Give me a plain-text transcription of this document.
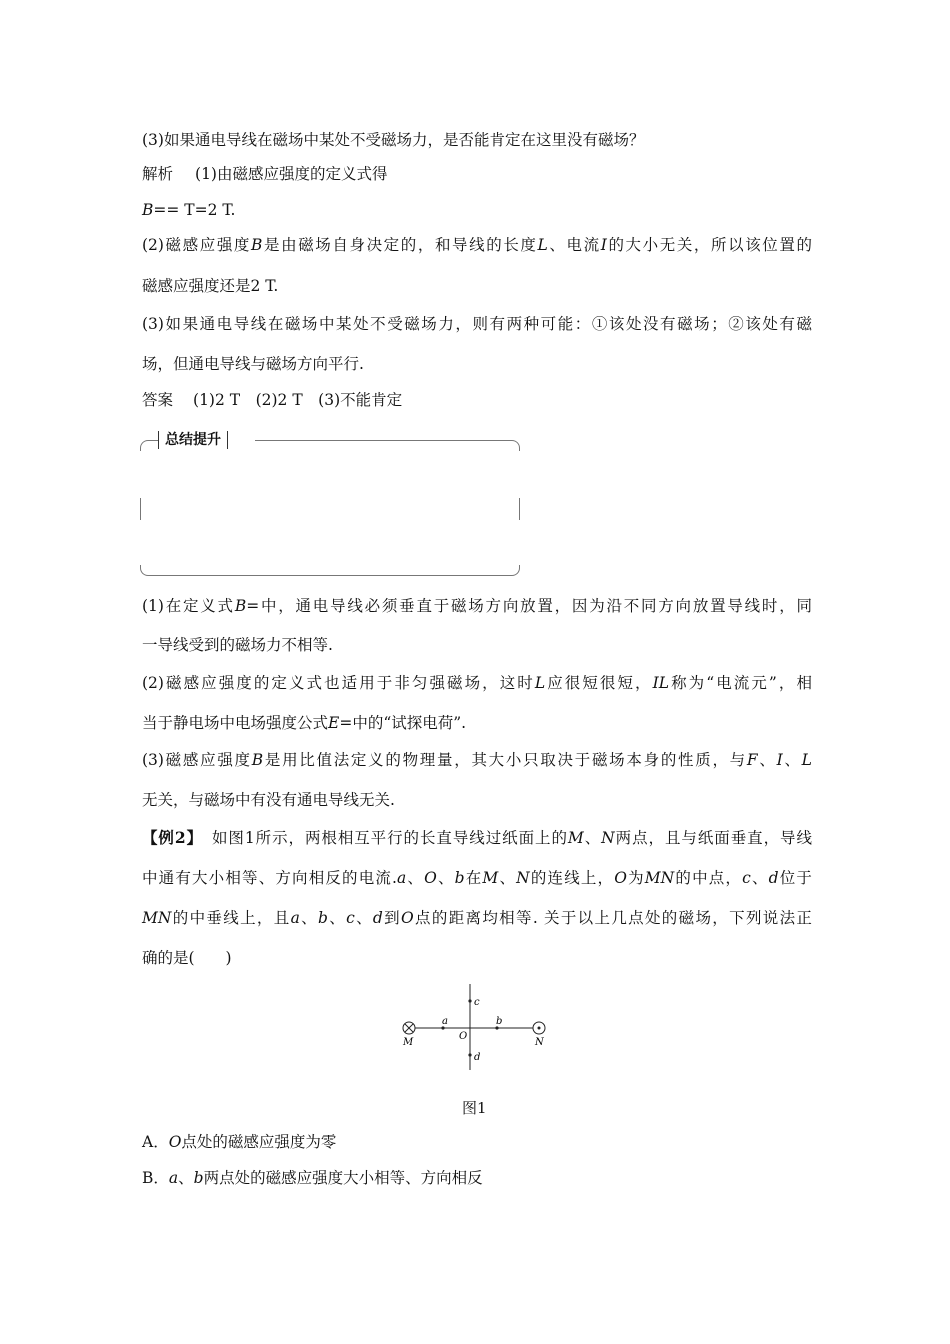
(3)如果通电导线在磁场中某处不受磁场力，是否能肯定在这里没有磁场？
解析 (1)由磁感应强度的定义式得
B== T=2 T.
(2)磁感应强度B是由磁场自身决定的，和导线的长度L、电流I的大小无关，所以该位置的
磁感应强度还是2 T.
(3)如果通电导线在磁场中某处不受磁场力，则有两种可能：①该处没有磁场；②该处有磁
场，但通电导线与磁场方向平行.
答案 (1)2 T　(2)2 T　(3)不能肯定
总结提升
(1)在定义式B=中，通电导线必须垂直于磁场方向放置，因为沿不同方向放置导线时，同
一导线受到的磁场力不相等.
(2)磁感应强度的定义式也适用于非匀强磁场，这时L应很短很短，IL称为“电流元”，相
当于静电场中电场强度公式E=中的“试探电荷”.
(3)磁感应强度B是用比值法定义的物理量，其大小只取决于磁场本身的性质，与F、I、L
无关，与磁场中有没有通电导线无关.
【例2】 如图1所示，两根相互平行的长直导线过纸面上的M、N两点，且与纸面垂直，导线
中通有大小相等、方向相反的电流.a、O、b在M、N的连线上，O为MN的中点，c、d位于
MN的中垂线上，且a、b、c、d到O点的距离均相等. 关于以上几点处的磁场，下列说法正
确的是(　　)
M	N
O
a	b
c
d
图1
A．O点处的磁感应强度为零
B．a、b两点处的磁感应强度大小相等、方向相反
